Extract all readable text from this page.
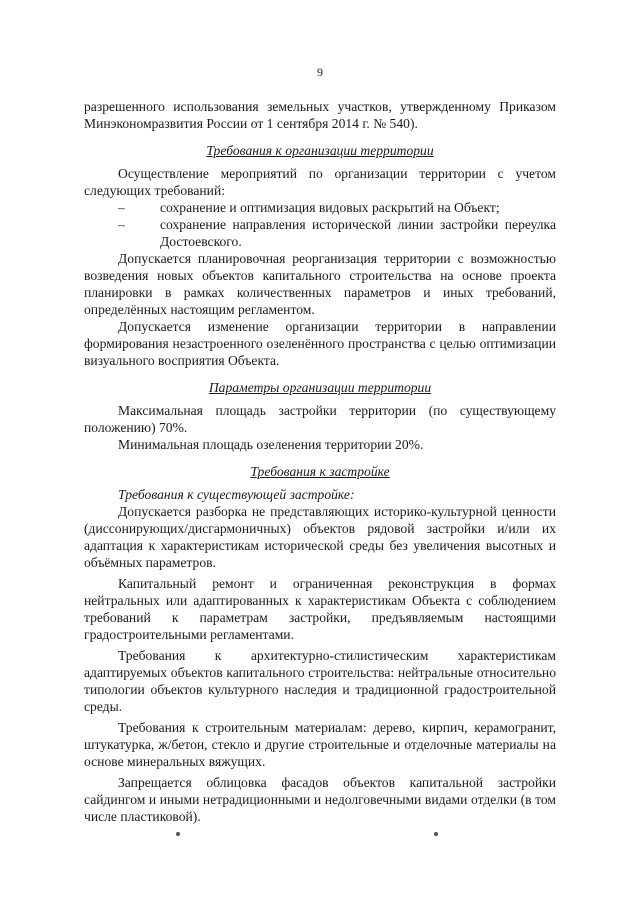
9

разрешенного использования земельных участков, утвержденному Приказом Минэкономразвития России от 1 сентября 2014 г. № 540).

Требования к организации территории

Осуществление мероприятий по организации территории с учетом следующих требований:

–	сохранение и оптимизация видовых раскрытий на Объект;
–	сохранение направления исторической линии застройки переулка Достоевского.

Допускается планировочная реорганизация территории с возможностью возведения новых объектов капитального строительства на основе проекта планировки в рамках количественных параметров и иных требований, определённых настоящим регламентом.

Допускается изменение организации территории в направлении формирования незастроенного озеленённого пространства с целью оптимизации визуального восприятия Объекта.

Параметры организации территории

Максимальная площадь застройки территории (по существующему положению) 70%.

Минимальная площадь озеленения территории 20%.

Требования к застройке

Требования к существующей застройке:

Допускается разборка не представляющих историко-культурной ценности (диссонирующих/дисгармоничных) объектов рядовой застройки и/или их адаптация к характеристикам исторической среды без увеличения высотных и объёмных параметров.

Капитальный ремонт и ограниченная реконструкция в формах нейтральных или адаптированных к характеристикам Объекта с соблюдением требований к параметрам застройки, предъявляемым настоящими градостроительными регламентами.

Требования к архитектурно-стилистическим характеристикам адаптируемых объектов капитального строительства: нейтральные относительно типологии объектов культурного наследия и традиционной градостроительной среды.

Требования к строительным материалам: дерево, кирпич, керамогранит, штукатурка, ж/бетон, стекло и другие строительные и отделочные материалы на основе минеральных вяжущих.

Запрещается облицовка фасадов объектов капитальной застройки сайдингом и иными нетрадиционными и недолговечными видами отделки (в том числе пластиковой).
